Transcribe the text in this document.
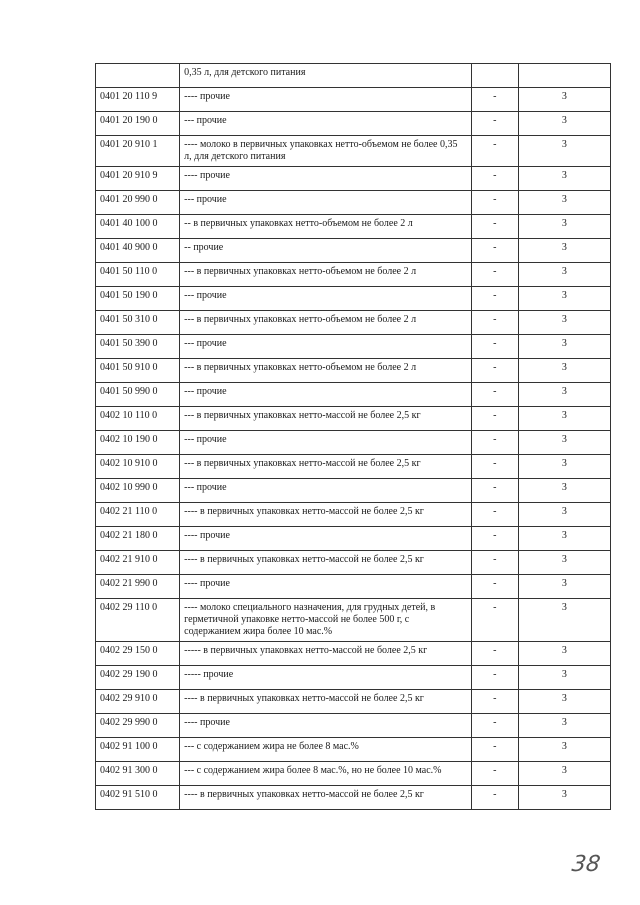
	0,35 л, для детского питания		
0401 20 110 9	---- прочие	-	3
0401 20 190 0	--- прочие	-	3
0401 20 910 1	---- молоко в первичных упаковках нетто-объемом не более 0,35 л, для детского питания	-	3
0401 20 910 9	---- прочие	-	3
0401 20 990 0	--- прочие	-	3
0401 40 100 0	-- в первичных упаковках нетто-объемом не более 2 л	-	3
0401 40 900 0	-- прочие	-	3
0401 50 110 0	--- в первичных упаковках нетто-объемом не более 2 л	-	3
0401 50 190 0	--- прочие	-	3
0401 50 310 0	--- в первичных упаковках нетто-объемом не более 2 л	-	3
0401 50 390 0	--- прочие	-	3
0401 50 910 0	--- в первичных упаковках нетто-объемом не более 2 л	-	3
0401 50 990 0	--- прочие	-	3
0402 10 110 0	--- в первичных упаковках нетто-массой не более 2,5 кг	-	3
0402 10 190 0	--- прочие	-	3
0402 10 910 0	--- в первичных упаковках нетто-массой не более 2,5 кг	-	3
0402 10 990 0	--- прочие	-	3
0402 21 110 0	---- в первичных упаковках нетто-массой не более 2,5 кг	-	3
0402 21 180 0	---- прочие	-	3
0402 21 910 0	---- в первичных упаковках нетто-массой не более 2,5 кг	-	3
0402 21 990 0	---- прочие	-	3
0402 29 110 0	---- молоко специального назначения, для грудных детей, в герметичной упаковке нетто-массой не более 500 г, с содержанием жира более 10 мас.%	-	3
0402 29 150 0	----- в первичных упаковках нетто-массой не более 2,5 кг	-	3
0402 29 190 0	----- прочие	-	3
0402 29 910 0	---- в первичных упаковках нетто-массой не более 2,5 кг	-	3
0402 29 990 0	---- прочие	-	3
0402 91 100 0	--- с содержанием жира не более 8 мас.%	-	3
0402 91 300 0	--- с содержанием жира более 8 мас.%, но не более 10 мас.%	-	3
0402 91 510 0	---- в первичных упаковках нетто-массой не более 2,5 кг	-	3
38
